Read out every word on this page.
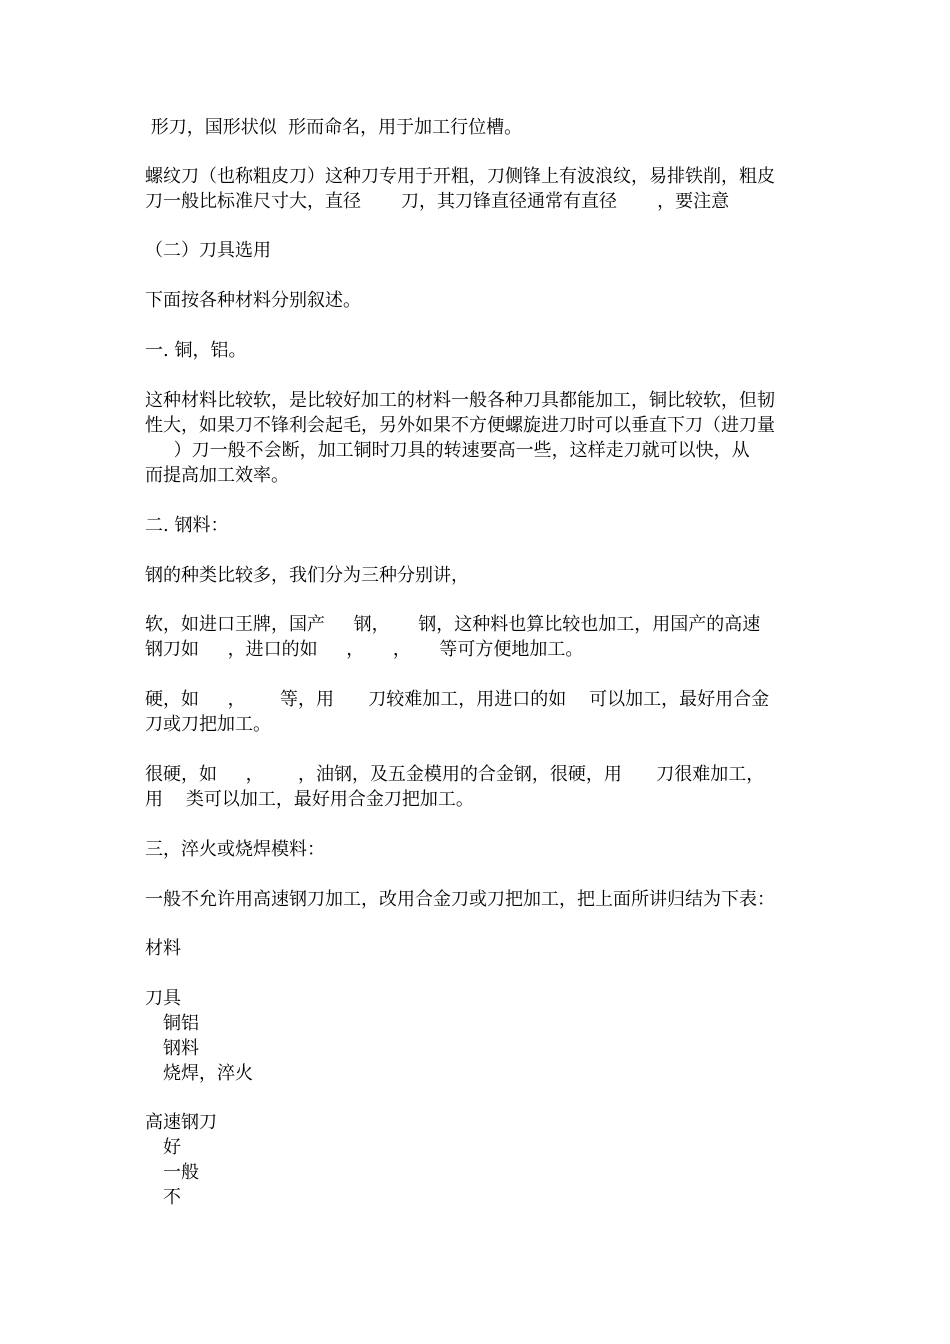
形刀，国形状似  形而命名，用于加工行位槽。
螺纹刀（也称粗皮刀）这种刀专用于开粗，刀侧锋上有波浪纹，易排铁削，粗皮
刀一般比标准尺寸大，直径       刀，其刀锋直径通常有直径       ，要注意
（二）刀具选用
下面按各种材料分别叙述。
一. 铜，铝。
这种材料比较软，是比较好加工的材料一般各种刀具都能加工，铜比较软，但韧
性大，如果刀不锋利会起毛，另外如果不方便螺旋进刀时可以垂直下刀（进刀量
）刀一般不会断，加工铜时刀具的转速要高一些，这样走刀就可以快，从
而提高加工效率。
二. 钢料：
钢的种类比较多，我们分为三种分别讲，
软，如进口王牌，国产     钢，     钢，这种料也算比较也加工，用国产的高速
钢刀如     ，进口的如     ，     ，     等可方便地加工。
硬，如     ，      等，用      刀较难加工，用进口的如    可以加工，最好用合金
刀或刀把加工。
很硬，如     ，      ，油钢，及五金模用的合金钢，很硬，用      刀很难加工，
用    类可以加工，最好用合金刀把加工。
三，淬火或烧焊模料：
一般不允许用高速钢刀加工，改用合金刀或刀把加工，把上面所讲归结为下表：
材料
刀具
铜铝
钢料
烧焊，淬火
高速钢刀
好
一般
不
